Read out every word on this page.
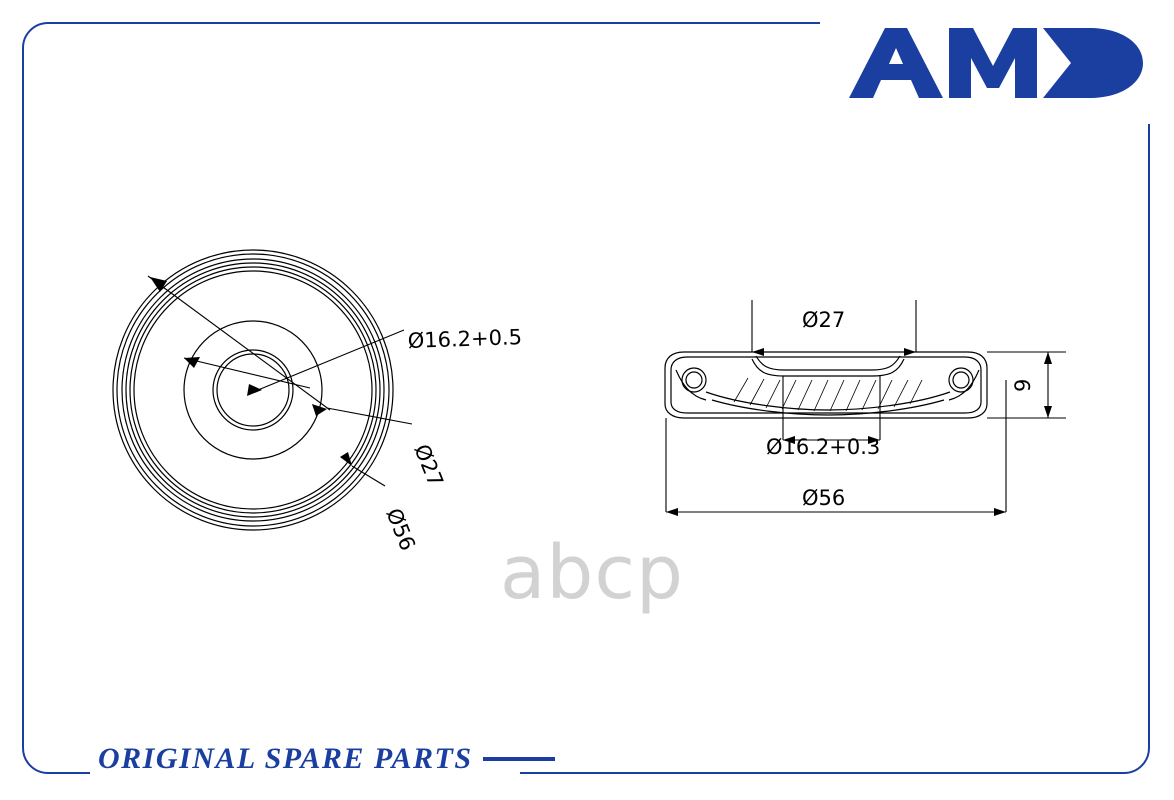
Ø16.2+0.5
Ø27
Ø56
Ø27
Ø16.2+0.3
Ø56
9
abcp
ORIGINAL SPARE PARTS
